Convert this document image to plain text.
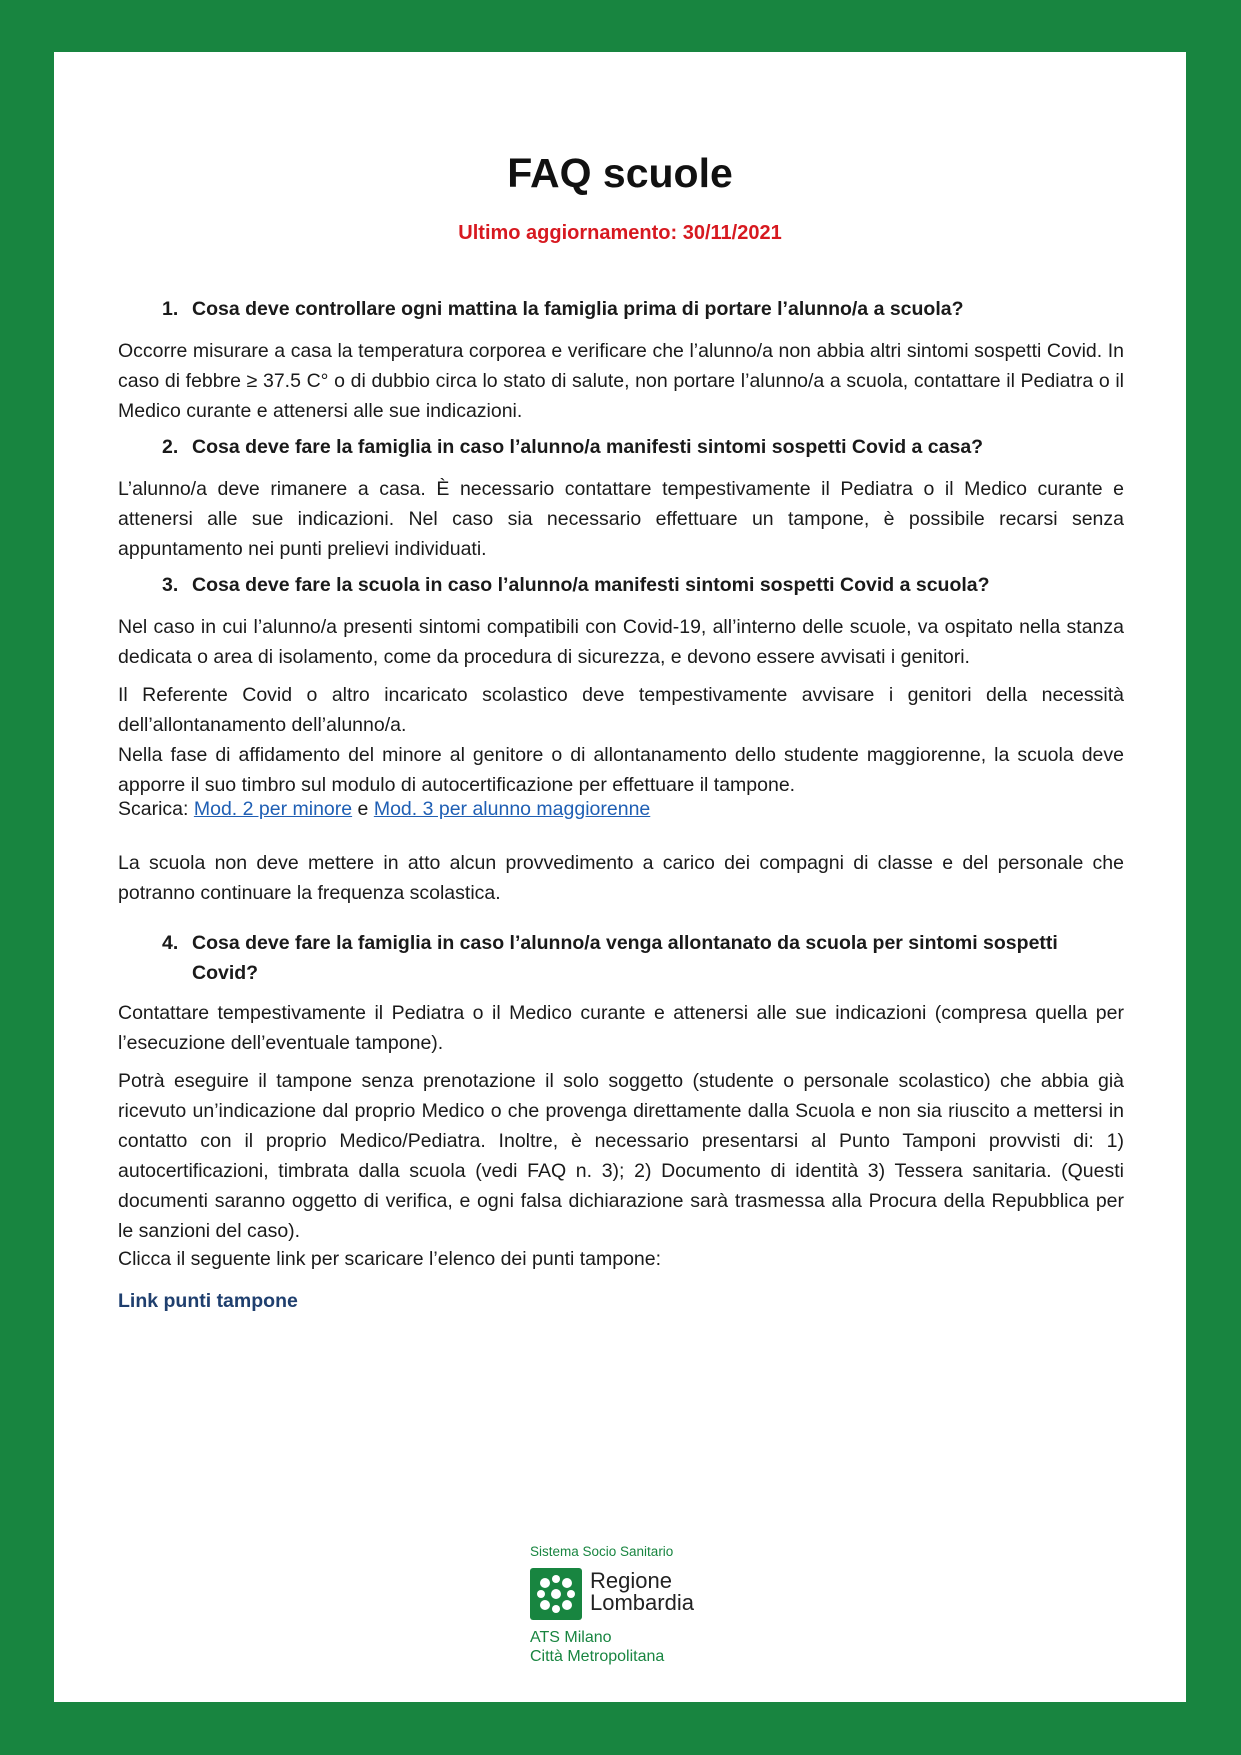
FAQ scuole
Ultimo aggiornamento: 30/11/2021
1. Cosa deve controllare ogni mattina la famiglia prima di portare l’alunno/a a scuola?
Occorre misurare a casa la temperatura corporea e verificare che l’alunno/a non abbia altri sintomi sospetti Covid. In caso di febbre ≥ 37.5 C° o di dubbio circa lo stato di salute, non portare l’alunno/a a scuola, contattare il Pediatra o il Medico curante e attenersi alle sue indicazioni.
2. Cosa deve fare la famiglia in caso l’alunno/a manifesti sintomi sospetti Covid a casa?
L’alunno/a deve rimanere a casa. È necessario contattare tempestivamente il Pediatra o il Medico curante e attenersi alle sue indicazioni. Nel caso sia necessario effettuare un tampone, è possibile recarsi senza appuntamento nei punti prelievi individuati.
3. Cosa deve fare la scuola in caso l’alunno/a manifesti sintomi sospetti Covid a scuola?
Nel caso in cui l’alunno/a presenti sintomi compatibili con Covid-19, all’interno delle scuole, va ospitato nella stanza dedicata o area di isolamento, come da procedura di sicurezza, e devono essere avvisati i genitori.
Il Referente Covid o altro incaricato scolastico deve tempestivamente avvisare i genitori della necessità dell’allontanamento dell’alunno/a.
Nella fase di affidamento del minore al genitore o di allontanamento dello studente maggiorenne, la scuola deve apporre il suo timbro sul modulo di autocertificazione per effettuare il tampone.
Scarica: Mod. 2 per minore e Mod. 3 per alunno maggiorenne
La scuola non deve mettere in atto alcun provvedimento a carico dei compagni di classe e del personale che potranno continuare la frequenza scolastica.
4. Cosa deve fare la famiglia in caso l’alunno/a venga allontanato da scuola per sintomi sospetti Covid?
Contattare tempestivamente il Pediatra o il Medico curante e attenersi alle sue indicazioni (compresa quella per l’esecuzione dell’eventuale tampone).
Potrà eseguire il tampone senza prenotazione il solo soggetto (studente o personale scolastico) che abbia già ricevuto un’indicazione dal proprio Medico o che provenga direttamente dalla Scuola e non sia riuscito a mettersi in contatto con il proprio Medico/Pediatra. Inoltre, è necessario presentarsi al Punto Tamponi provvisti di: 1) autocertificazioni, timbrata dalla scuola (vedi FAQ n. 3); 2) Documento di identità 3) Tessera sanitaria. (Questi documenti saranno oggetto di verifica, e ogni falsa dichiarazione sarà trasmessa alla Procura della Repubblica per le sanzioni del caso).
Clicca il seguente link per scaricare l’elenco dei punti tampone:
Link punti tampone
Sistema Socio Sanitario
Regione
Lombardia
ATS Milano
Città Metropolitana
